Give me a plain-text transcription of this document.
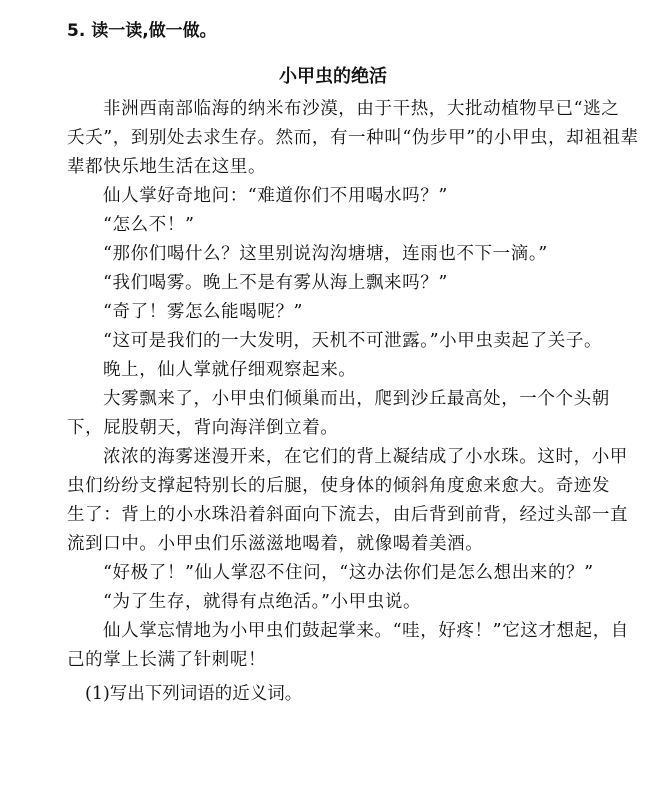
5. 读一读,做一做。
小甲虫的绝活
非洲西南部临海的纳米布沙漠，由于干热，大批动植物早已“逃之
夭夭”，到别处去求生存。然而，有一种叫“伪步甲”的小甲虫，却祖祖辈
辈都快乐地生活在这里。
仙人掌好奇地问：“难道你们不用喝水吗？”
“怎么不！”
“那你们喝什么？这里别说沟沟塘塘，连雨也不下一滴。”
“我们喝雾。晚上不是有雾从海上飘来吗？”
“奇了！雾怎么能喝呢？”
“这可是我们的一大发明，天机不可泄露。”小甲虫卖起了关子。
晚上，仙人掌就仔细观察起来。
大雾飘来了，小甲虫们倾巢而出，爬到沙丘最高处，一个个头朝
下，屁股朝天，背向海洋倒立着。
浓浓的海雾迷漫开来，在它们的背上凝结成了小水珠。这时，小甲
虫们纷纷支撑起特别长的后腿，使身体的倾斜角度愈来愈大。奇迹发
生了：背上的小水珠沿着斜面向下流去，由后背到前背，经过头部一直
流到口中。小甲虫们乐滋滋地喝着，就像喝着美酒。
“好极了！”仙人掌忍不住问，“这办法你们是怎么想出来的？”
“为了生存，就得有点绝活。”小甲虫说。
仙人掌忘情地为小甲虫们鼓起掌来。“哇，好疼！”它这才想起，自
己的掌上长满了针刺呢！
(1)写出下列词语的近义词。
